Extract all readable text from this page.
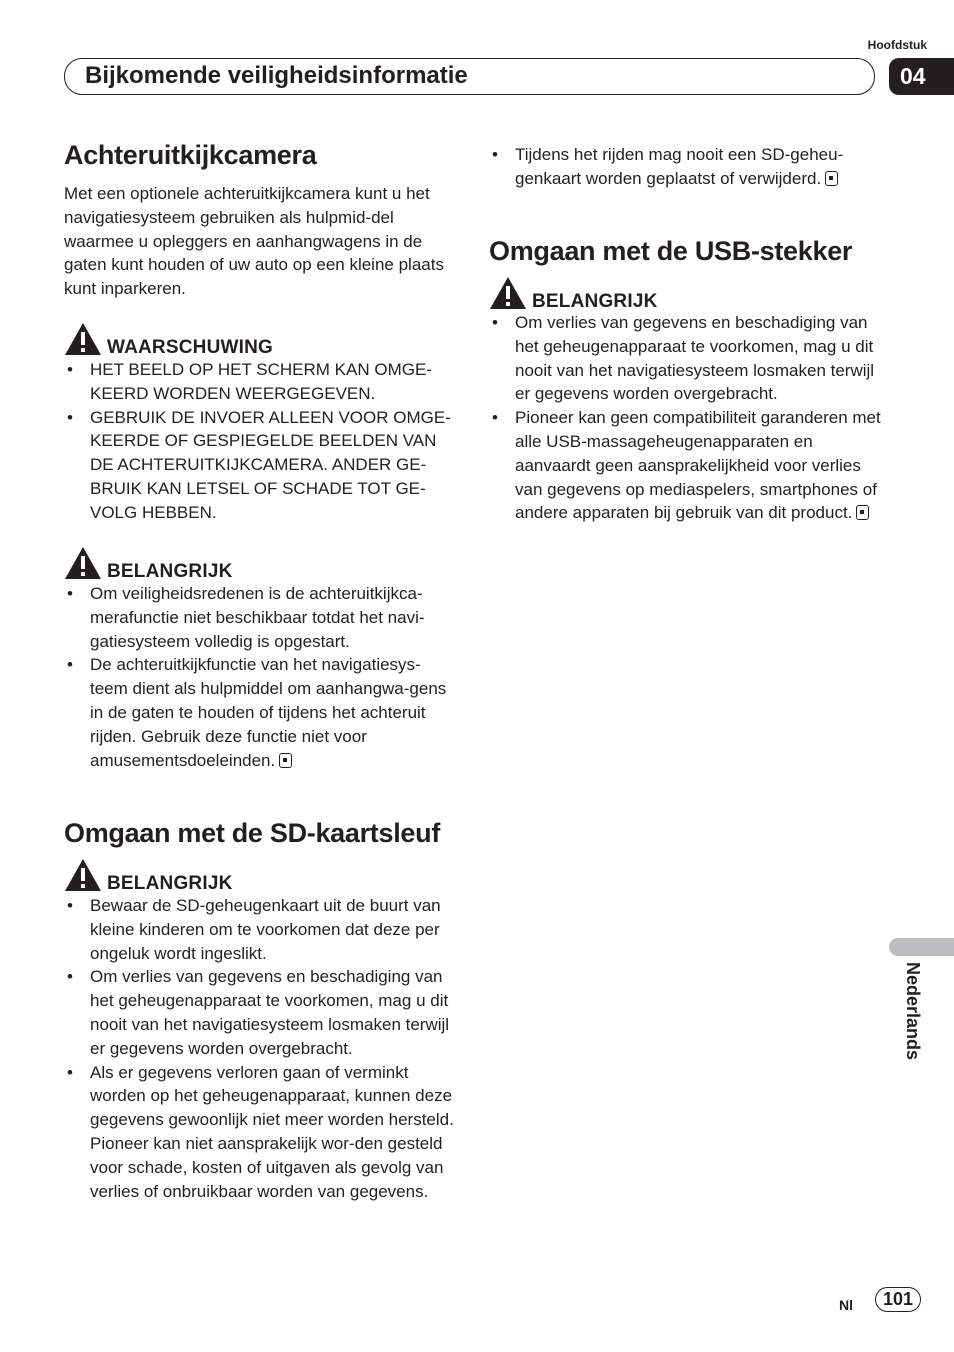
Hoofdstuk
Bijkomende veiligheidsinformatie	04
Achteruitkijkcamera

Met een optionele achteruitkijkcamera kunt u het navigatiesysteem gebruiken als hulpmid-del waarmee u opleggers en aanhangwagens in de gaten kunt houden of uw auto op een kleine plaats kunt inparkeren.

WAARSCHUWING
• HET BEELD OP HET SCHERM KAN OMGE-KEERD WORDEN WEERGEGEVEN.
• GEBRUIK DE INVOER ALLEEN VOOR OMGE-KEERDE OF GESPIEGELDE BEELDEN VAN DE ACHTERUITKIJKCAMERA. ANDER GE-BRUIK KAN LETSEL OF SCHADE TOT GE-VOLG HEBBEN.
BELANGRIJK
• Om veiligheidsredenen is de achteruitkijkca-merafunctie niet beschikbaar totdat het navi-gatiesysteem volledig is opgestart.
• De achteruitkijkfunctie van het navigatiesys-teem dient als hulpmiddel om aanhangwa-gens in de gaten te houden of tijdens het achteruit rijden. Gebruik deze functie niet voor amusementsdoeleinden.
Omgaan met de SD-kaartsleuf
BELANGRIJK
• Bewaar de SD-geheugenkaart uit de buurt van kleine kinderen om te voorkomen dat deze per ongeluk wordt ingeslikt.
• Om verlies van gegevens en beschadiging van het geheugenapparaat te voorkomen, mag u dit nooit van het navigatiesysteem losmaken terwijl er gegevens worden overgebracht.
• Als er gegevens verloren gaan of verminkt worden op het geheugenapparaat, kunnen deze gegevens gewoonlijk niet meer worden hersteld. Pioneer kan niet aansprakelijk wor-den gesteld voor schade, kosten of uitgaven als gevolg van verlies of onbruikbaar worden van gegevens.
• Tijdens het rijden mag nooit een SD-geheu-genkaart worden geplaatst of verwijderd.
Omgaan met de USB-stekker
BELANGRIJK
• Om verlies van gegevens en beschadiging van het geheugenapparaat te voorkomen, mag u dit nooit van het navigatiesysteem losmaken terwijl er gegevens worden overgebracht.
• Pioneer kan geen compatibiliteit garanderen met alle USB-massageheugenapparaten en aanvaardt geen aansprakelijkheid voor verlies van gegevens op mediaspelers, smartphones of andere apparaten bij gebruik van dit product.
Nederlands
Nl	101
